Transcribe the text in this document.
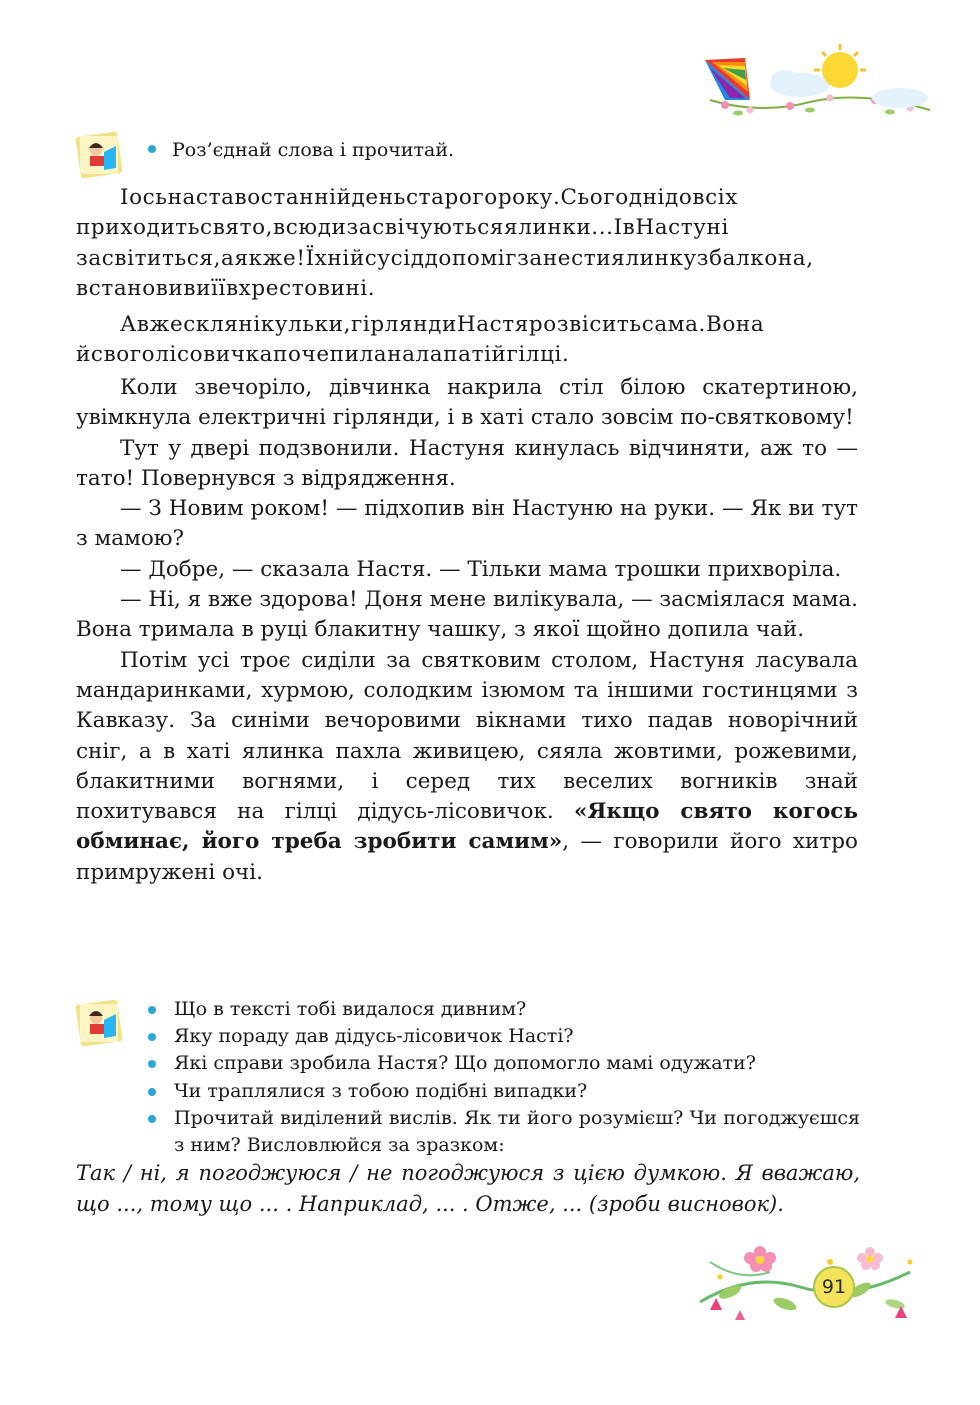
Роз’єднай слова і прочитай.

Іосьнаставостаннійденьстарогороку.Сьогоднідовсіх приходитьсвято,всюдизасвічуютьсяялинки...ІвНастуні засвітиться,аякже!Їхнійсусіддопомігзанестиялинкузбалкона, встановивиїївхрестовині.

Авжесклянікульки,гірляндиНастярозвіситьсама.Вона йсвоголісовичкапочепиланалапатійгілці.

Коли звечоріло, дівчинка накрила стіл білою скатертиною, увімкнула електричні гірлянди, і в хаті стало зовсім по-святковому!

Тут у двері подзвонили. Настуня кинулась відчиняти, аж то — тато! Повернувся з відрядження.

— З Новим роком! — підхопив він Настуню на руки. — Як ви тут з мамою?

— Добре, — сказала Настя. — Тільки мама трошки прихворіла.

— Ні, я вже здорова! Доня мене вилікувала, — засміялася мама. Вона тримала в руці блакитну чашку, з якої щойно допила чай.

Потім усі троє сиділи за святковим столом, Настуня ласувала мандаринками, хурмою, солодким ізюмом та іншими гостинцями з Кавказу. За синіми вечоровими вікнами тихо падав новорічний сніг, а в хаті ялинка пахла живицею, сяяла жовтими, рожевими, блакитними вогнями, і серед тих веселих вогників знай похитувався на гілці дідусь-лісовичок. «Якщо свято когось обминає, його треба зробити самим», — говорили його хитро примружені очі.

Що в тексті тобі видалося дивним?

Яку пораду дав дідусь-лісовичок Насті?

Які справи зробила Настя? Що допомогло мамі одужати?

Чи траплялися з тобою подібні випадки?

Прочитай виділений вислів. Як ти його розумієш? Чи погоджуєшся з ним? Висловлюйся за зразком:

Так / ні, я погоджуюся / не погоджуюся з цією думкою. Я вважаю, що ..., тому що ... . Наприклад, ... . Отже, ... (зроби висновок).

91
